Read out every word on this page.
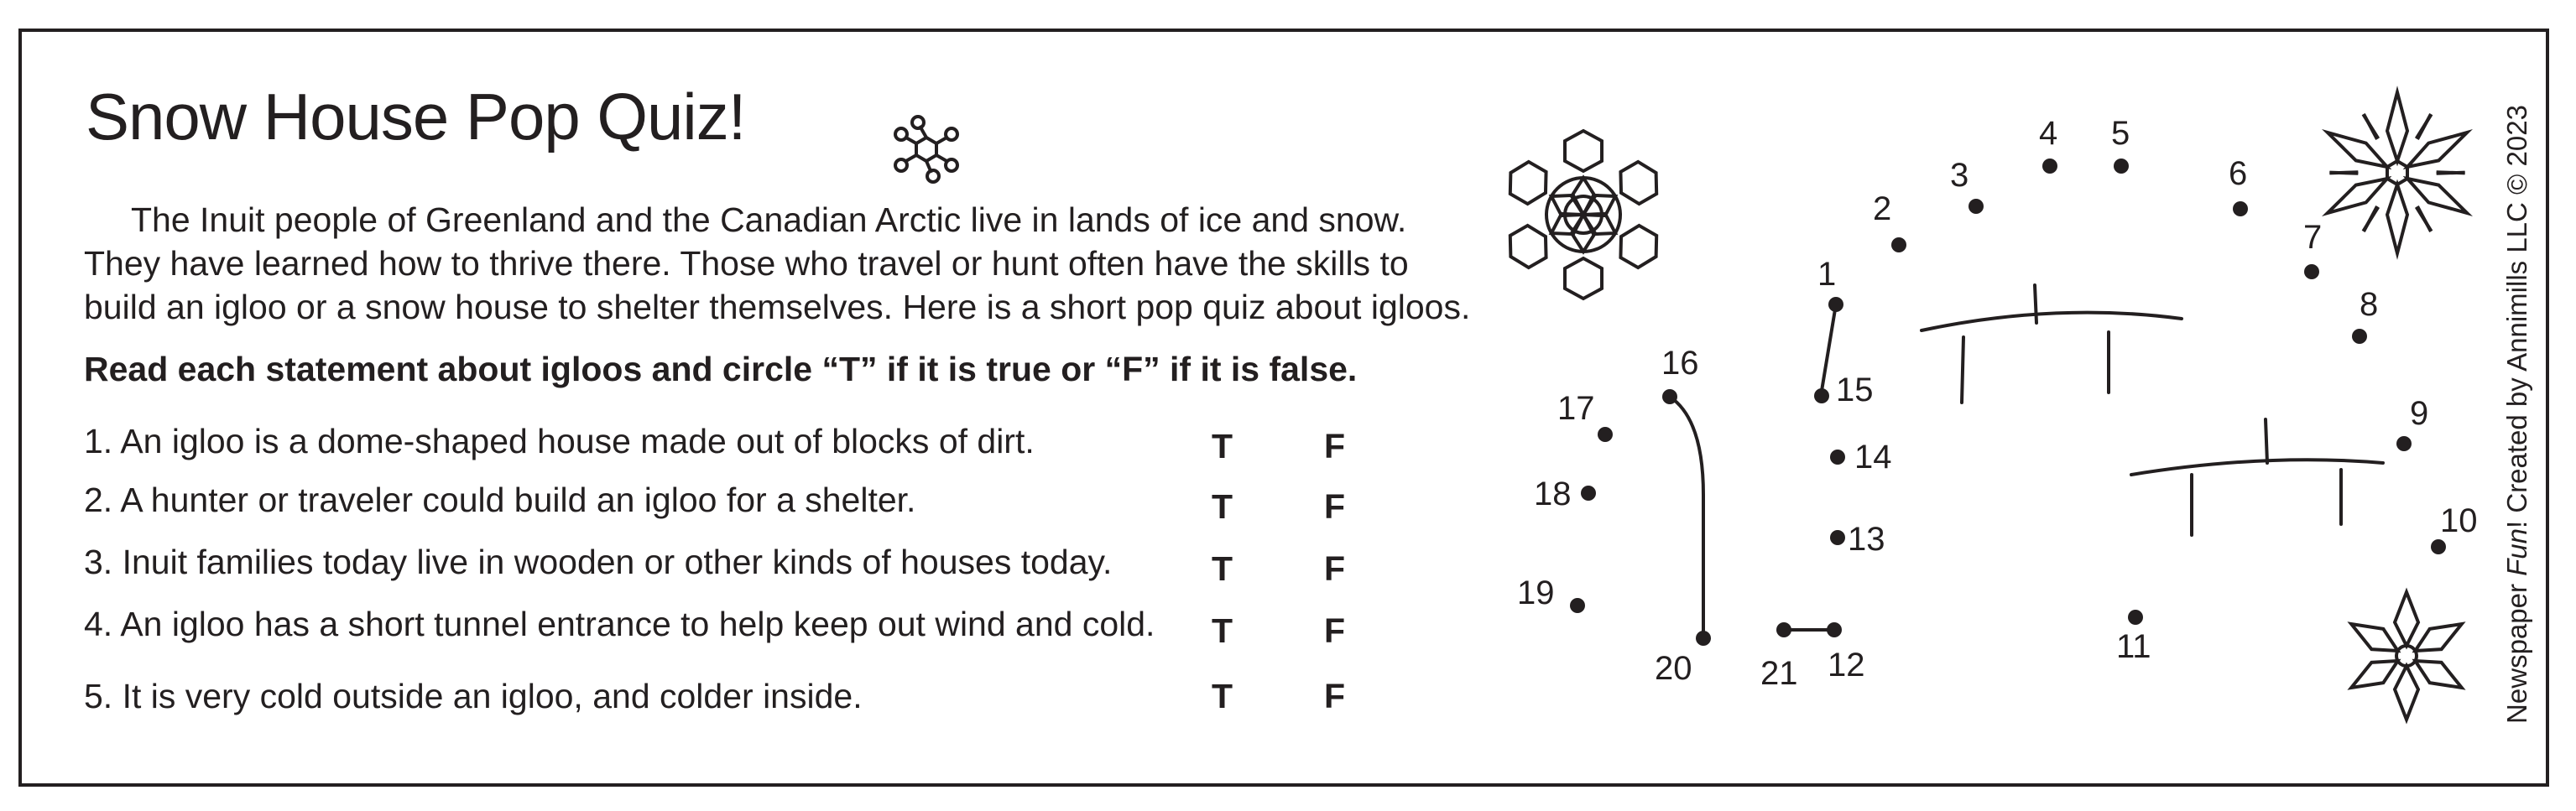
Snow House Pop Quiz!

The Inuit people of Greenland and the Canadian Arctic live in lands of ice and snow.

They have learned how to thrive there. Those who travel or hunt often have the skills to

build an igloo or a snow house to shelter themselves. Here is a short pop quiz about igloos.

Read each statement about igloos and circle “T” if it is true or “F” if it is false.
1. An igloo is a dome-shaped house made out of blocks of dirt.	T	F
2. A hunter or traveler could build an igloo for a shelter.	T	F
3. Inuit families today live in wooden or other kinds of houses today.	T	F
4. An igloo has a short tunnel entrance to help keep out wind and cold. T	F
5. It is very cold outside an igloo, and colder inside.	T	F
1
2
3
4 5
6
7
8
9
10
11
12
13
14
15
16
17
18
19
20 21	Newspaper Fun! Created by Annimills LLC © 2023
